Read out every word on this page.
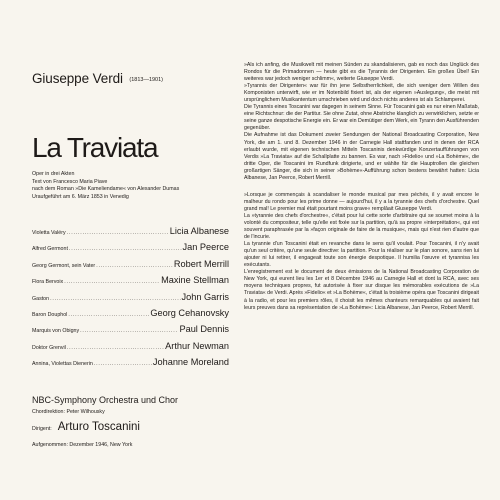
Giuseppe Verdi (1813—1901)
La Traviata
Oper in drei Akten
Text von Francesco Maria Piave
nach dem Roman »Die Kameliendame« von Alexander Dumas
Uraufgeführt am 6. März 1853 in Venedig
Violetta Valéry .....	Licia Albanese
Alfred Germont .....	Jan Peerce
Georg Germont, sein Vater .....	Robert Merrill
Flora Bervoix .....	Maxine Stellman
Gaston .....	John Garris
Baron Douphol .....	Georg Cehanovsky
Marquis von Obigny .....	Paul Dennis
Doktor Grenvil .....	Arthur Newman
Annina, Violettas Dienerin .....	Johanne Moreland
NBC-Symphony Orchestra und Chor
Chordirektion: Peter Wilhousky
Dirigent: Arturo Toscanini
Aufgenommen: Dezember 1946, New York

»Als ich anfing, die Musikwelt mit meinen Sünden zu skandalisieren, gab es noch das Unglück des Rondos für die Primadonnen — heute gibt es die Tyrannis der Dirigenten. Ein großes Übel! Ein weiteres war jedoch weniger schlimm«, weiterte Giuseppe Verdi.

»Tyrannis der Dirigenten« war für ihn jene Selbstherrlichkeit, die sich weniger dem Willen des Komponisten unterwirft, wie er im Notenbild fixiert ist, als der eigenen »Auslegung«, die meist mit ursprünglichem Musikantentum umschrieben wird und doch nichts anderes ist als Schlamperei.

Die Tyrannis eines Toscanini war dagegen in seinem Sinne. Für Toscanini gab es nur einen Maßstab, eine Richtschnur: die der Partitur. Sie ohne Zutat, ohne Abstriche klanglich zu verwirklichen, setzte er seine ganze despotische Energie ein. Er war ein Demütiger dem Werk, ein Tyrann den Ausführenden gegenüber.

Die Aufnahme ist das Dokument zweier Sendungen der National Broadcasting Corporation, New York, die am 1. und 8. Dezember 1946 in der Carnegie Hall stattfanden und in denen der RCA erlaubt wurde, mit eigenen technischen Mitteln Toscaninis denkwürdige Konzertaufführungen von Verdis »La Traviata« auf die Schallplatte zu bannen. Es war, nach »Fidelio« und »La Bohème«, die dritte Oper, die Toscanini im Rundfunk dirigierte, und er wählte für die Hauptrollen die gleichen großartigen Sänger, die sich in seiner »Bohème«-Aufführung schon bestens bewährt hatten: Licia Albanese, Jan Peerce, Robert Merrill.

»Lorsque je commençais à scandaliser le monde musical par mes péchés, il y avait encore le malheur du rondo pour les prime donne — aujourd'hui, il y a la tyrannie des chefs d'orchestre. Quel grand mal! Le premier mal était pourtant moins grave« remplâait Giuseppe Verdi.

La »tyrannie des chefs d'orchestre«, c'était pour lui cette sorte d'arbitraire qui se soumet moins à la volonté du compositeur, telle qu'elle est fixée sur la partition, qu'à sa propre »interprétation«, qui est souvent paraphrasée par la »façon originale de faire de la musique«, mais qui n'est rien d'autre que de l'incurie.

La tyrannie d'un Toscanini était en revanche dans le sens qu'il voulait. Pour Toscanini, il n'y avait qu'un seul critère, qu'une seule directive: la partition. Pour la réaliser sur le plan sonore, sans rien lui ajouter ni lui retirer, il engageait toute son énergie despotique. Il humilia l'œuvre et tyrannisa les exécutants.

L'enregistrement est le document de deux émissions de la National Broadcasting Corporation de New York, qui eurent lieu les 1er et 8 Décembre 1946 au Carnegie Hall et dont la RCA, avec ses moyens techniques propres, fut autorisée à fixer sur disque les mémorables exécutions de »La Traviata« de Verdi. Après »Fidelio« et »La Bohème«, c'était la troisième opéra que Toscanini dirigeait à la radio, et pour les premiers rôles, il choisit les mêmes chanteurs remarquables qui avaient fait leurs preuves dans sa représentation de »La Bohème«: Licia Albanese, Jan Peerce, Robert Merrill.
